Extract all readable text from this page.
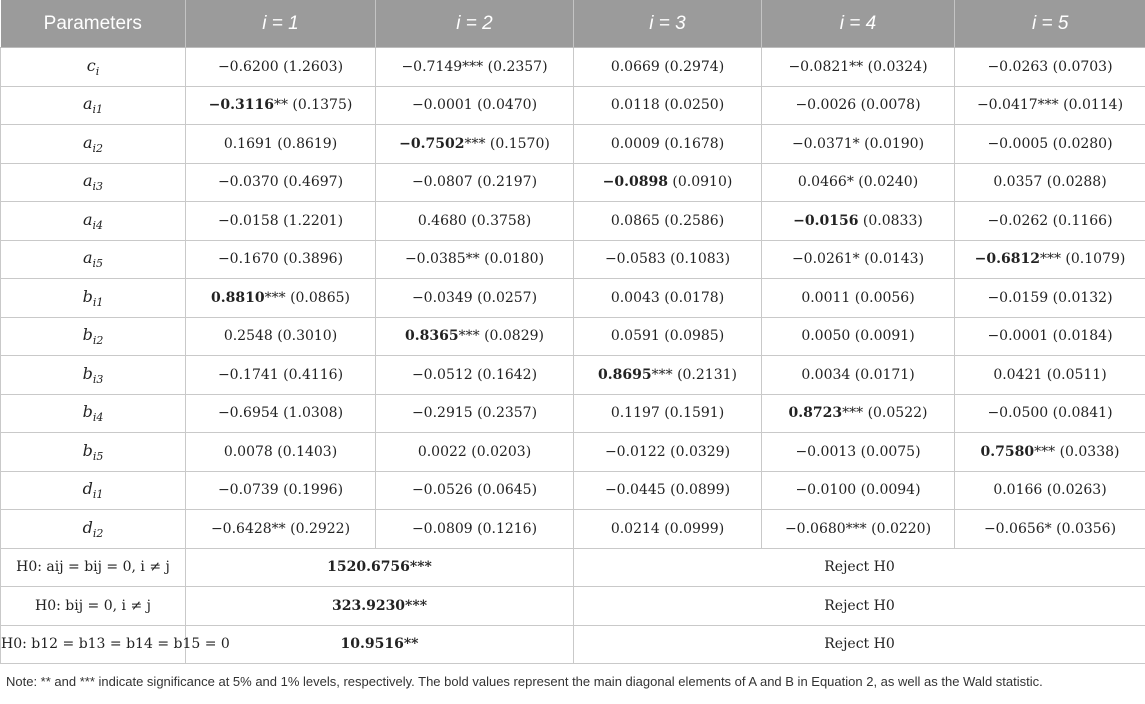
Parameters	i = 1	i = 2	i = 3	i = 4	i = 5
$c_i$	−0.6200 (1.2603)	−0.7149*** (0.2357)	0.0669 (0.2974)	−0.0821** (0.0324)	−0.0263 (0.0703)
$a_{i1}$	−0.3116** (0.1375)	−0.0001 (0.0470)	0.0118 (0.0250)	−0.0026 (0.0078)	−0.0417*** (0.0114)
$a_{i2}$	0.1691 (0.8619)	−0.7502*** (0.1570)	0.0009 (0.1678)	−0.0371* (0.0190)	−0.0005 (0.0280)
$a_{i3}$	−0.0370 (0.4697)	−0.0807 (0.2197)	−0.0898 (0.0910)	0.0466* (0.0240)	0.0357 (0.0288)
$a_{i4}$	−0.0158 (1.2201)	0.4680 (0.3758)	0.0865 (0.2586)	−0.0156 (0.0833)	−0.0262 (0.1166)
$a_{i5}$	−0.1670 (0.3896)	−0.0385** (0.0180)	−0.0583 (0.1083)	−0.0261* (0.0143)	−0.6812*** (0.1079)
$b_{i1}$	0.8810*** (0.0865)	−0.0349 (0.0257)	0.0043 (0.0178)	0.0011 (0.0056)	−0.0159 (0.0132)
$b_{i2}$	0.2548 (0.3010)	0.8365*** (0.0829)	0.0591 (0.0985)	0.0050 (0.0091)	−0.0001 (0.0184)
$b_{i3}$	−0.1741 (0.4116)	−0.0512 (0.1642)	0.8695*** (0.2131)	0.0034 (0.0171)	0.0421 (0.0511)
$b_{i4}$	−0.6954 (1.0308)	−0.2915 (0.2357)	0.1197 (0.1591)	0.8723*** (0.0522)	−0.0500 (0.0841)
$b_{i5}$	0.0078 (0.1403)	0.0022 (0.0203)	−0.0122 (0.0329)	−0.0013 (0.0075)	0.7580*** (0.0338)
$d_{i1}$	−0.0739 (0.1996)	−0.0526 (0.0645)	−0.0445 (0.0899)	−0.0100 (0.0094)	0.0166 (0.0263)
$d_{i2}$	−0.6428** (0.2922)	−0.0809 (0.1216)	0.0214 (0.0999)	−0.0680*** (0.0220)	−0.0656* (0.0356)
H0: aij = bij = 0, i ≠ j	1520.6756***		Reject H0		
H0: bij = 0, i ≠ j	323.9230***		Reject H0		
H0: b12 = b13 = b14 = b15 = 0	10.9516**		Reject H0		
Note: ** and *** indicate significance at 5% and 1% levels, respectively. The bold values represent the main diagonal elements of A and B in Equation 2, as well as the Wald statistic.
